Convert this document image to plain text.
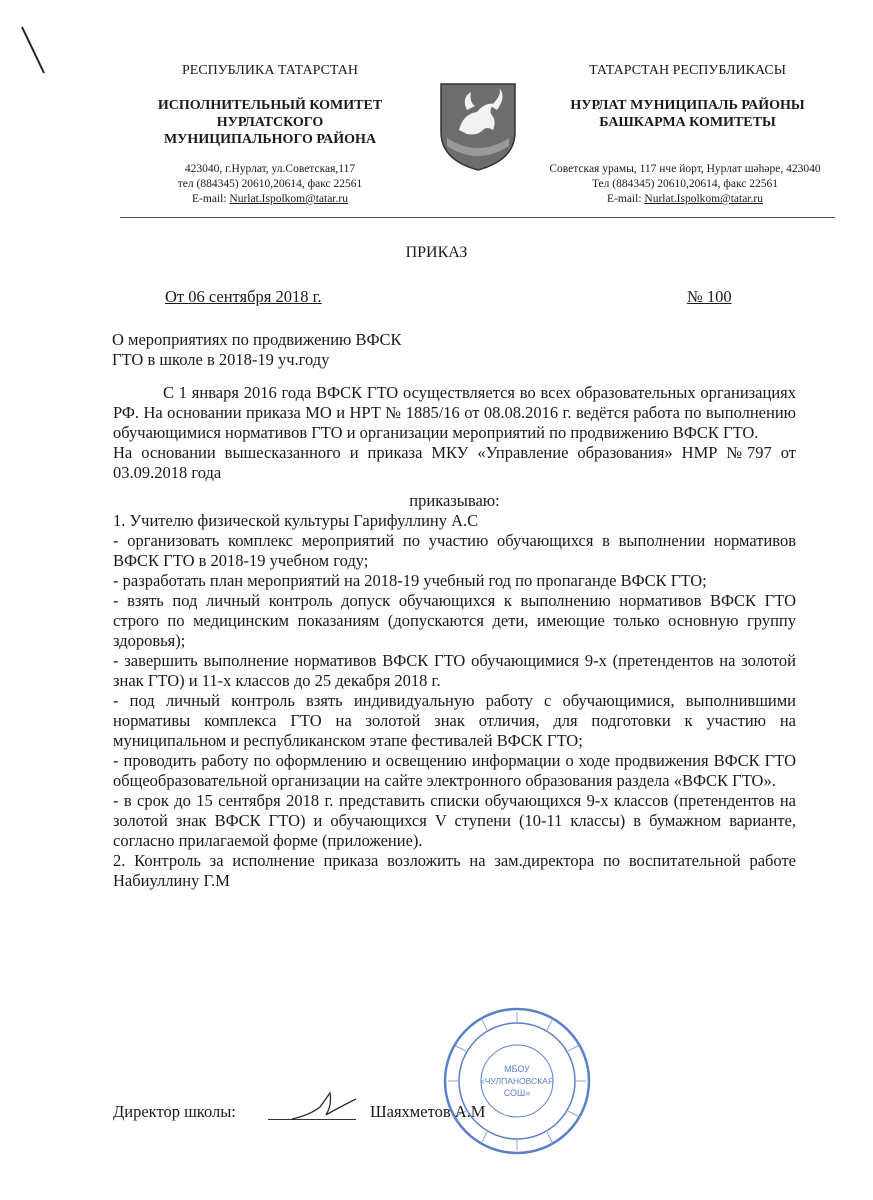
РЕСПУБЛИКА ТАТАРСТАН
ИСПОЛНИТЕЛЬНЫЙ КОМИТЕТ
НУРЛАТСКОГО
МУНИЦИПАЛЬНОГО РАЙОНА
423040, г.Нурлат, ул.Советская,117
тел (884345) 20610,20614, факс 22561
E-mail: Nurlat.Ispolkom@tatar.ru
ТАТАРСТАН РЕСПУБЛИКАСЫ
НУРЛАТ МУНИЦИПАЛЬ РАЙОНЫ
БАШКАРМА КОМИТЕТЫ
Советская урамы, 117 нче йорт, Нурлат шәһәре, 423040
Тел (884345) 20610,20614, факс 22561
E-mail: Nurlat.Ispolkom@tatar.ru
ПРИКАЗ
От 06 сентября 2018 г.	№ 100
О мероприятиях по продвижению ВФСК
ГТО в школе в 2018-19 уч.году

С 1 января 2016 года ВФСК ГТО осуществляется во всех образовательных организациях РФ. На основании приказа МО и НРТ № 1885/16 от 08.08.2016 г. ведётся работа по выполнению обучающимися нормативов ГТО и организации мероприятий по продвижению ВФСК ГТО.

На основании вышесказанного и приказа МКУ «Управление образования» НМР №797 от 03.09.2018 года

приказываю:

1. Учителю физической культуры Гарифуллину А.С

- организовать комплекс мероприятий по участию обучающихся в выполнении нормативов ВФСК ГТО в 2018-19 учебном году;

- разработать план мероприятий на 2018-19 учебный год по пропаганде ВФСК ГТО;

- взять под личный контроль допуск обучающихся к выполнению нормативов ВФСК ГТО строго по медицинским показаниям (допускаются дети, имеющие только основную группу здоровья);

- завершить выполнение нормативов ВФСК ГТО обучающимися 9-х (претендентов на золотой знак ГТО) и 11-х классов до 25 декабря 2018 г.

- под личный контроль взять индивидуальную работу с обучающимися, выполнившими нормативы комплекса ГТО на золотой знак отличия, для подготовки к участию на муниципальном и республиканском этапе фестивалей ВФСК ГТО;

- проводить работу по оформлению и освещению информации о ходе продвижения ВФСК ГТО общеобразовательной организации на сайте электронного образования раздела «ВФСК ГТО».

- в срок до 15 сентября 2018 г. представить списки обучающихся 9-х классов (претендентов на золотой знак ВФСК ГТО) и обучающихся V ступени (10-11 классы) в бумажном варианте, согласно прилагаемой форме (приложение).

2. Контроль за исполнение приказа возложить на зам.директора по воспитательной работе Набиуллину Г.М

МБОУ
«ЧУЛПАНОВСКАЯ
СОШ»
Директор школы:	Шаяхметов А.М
